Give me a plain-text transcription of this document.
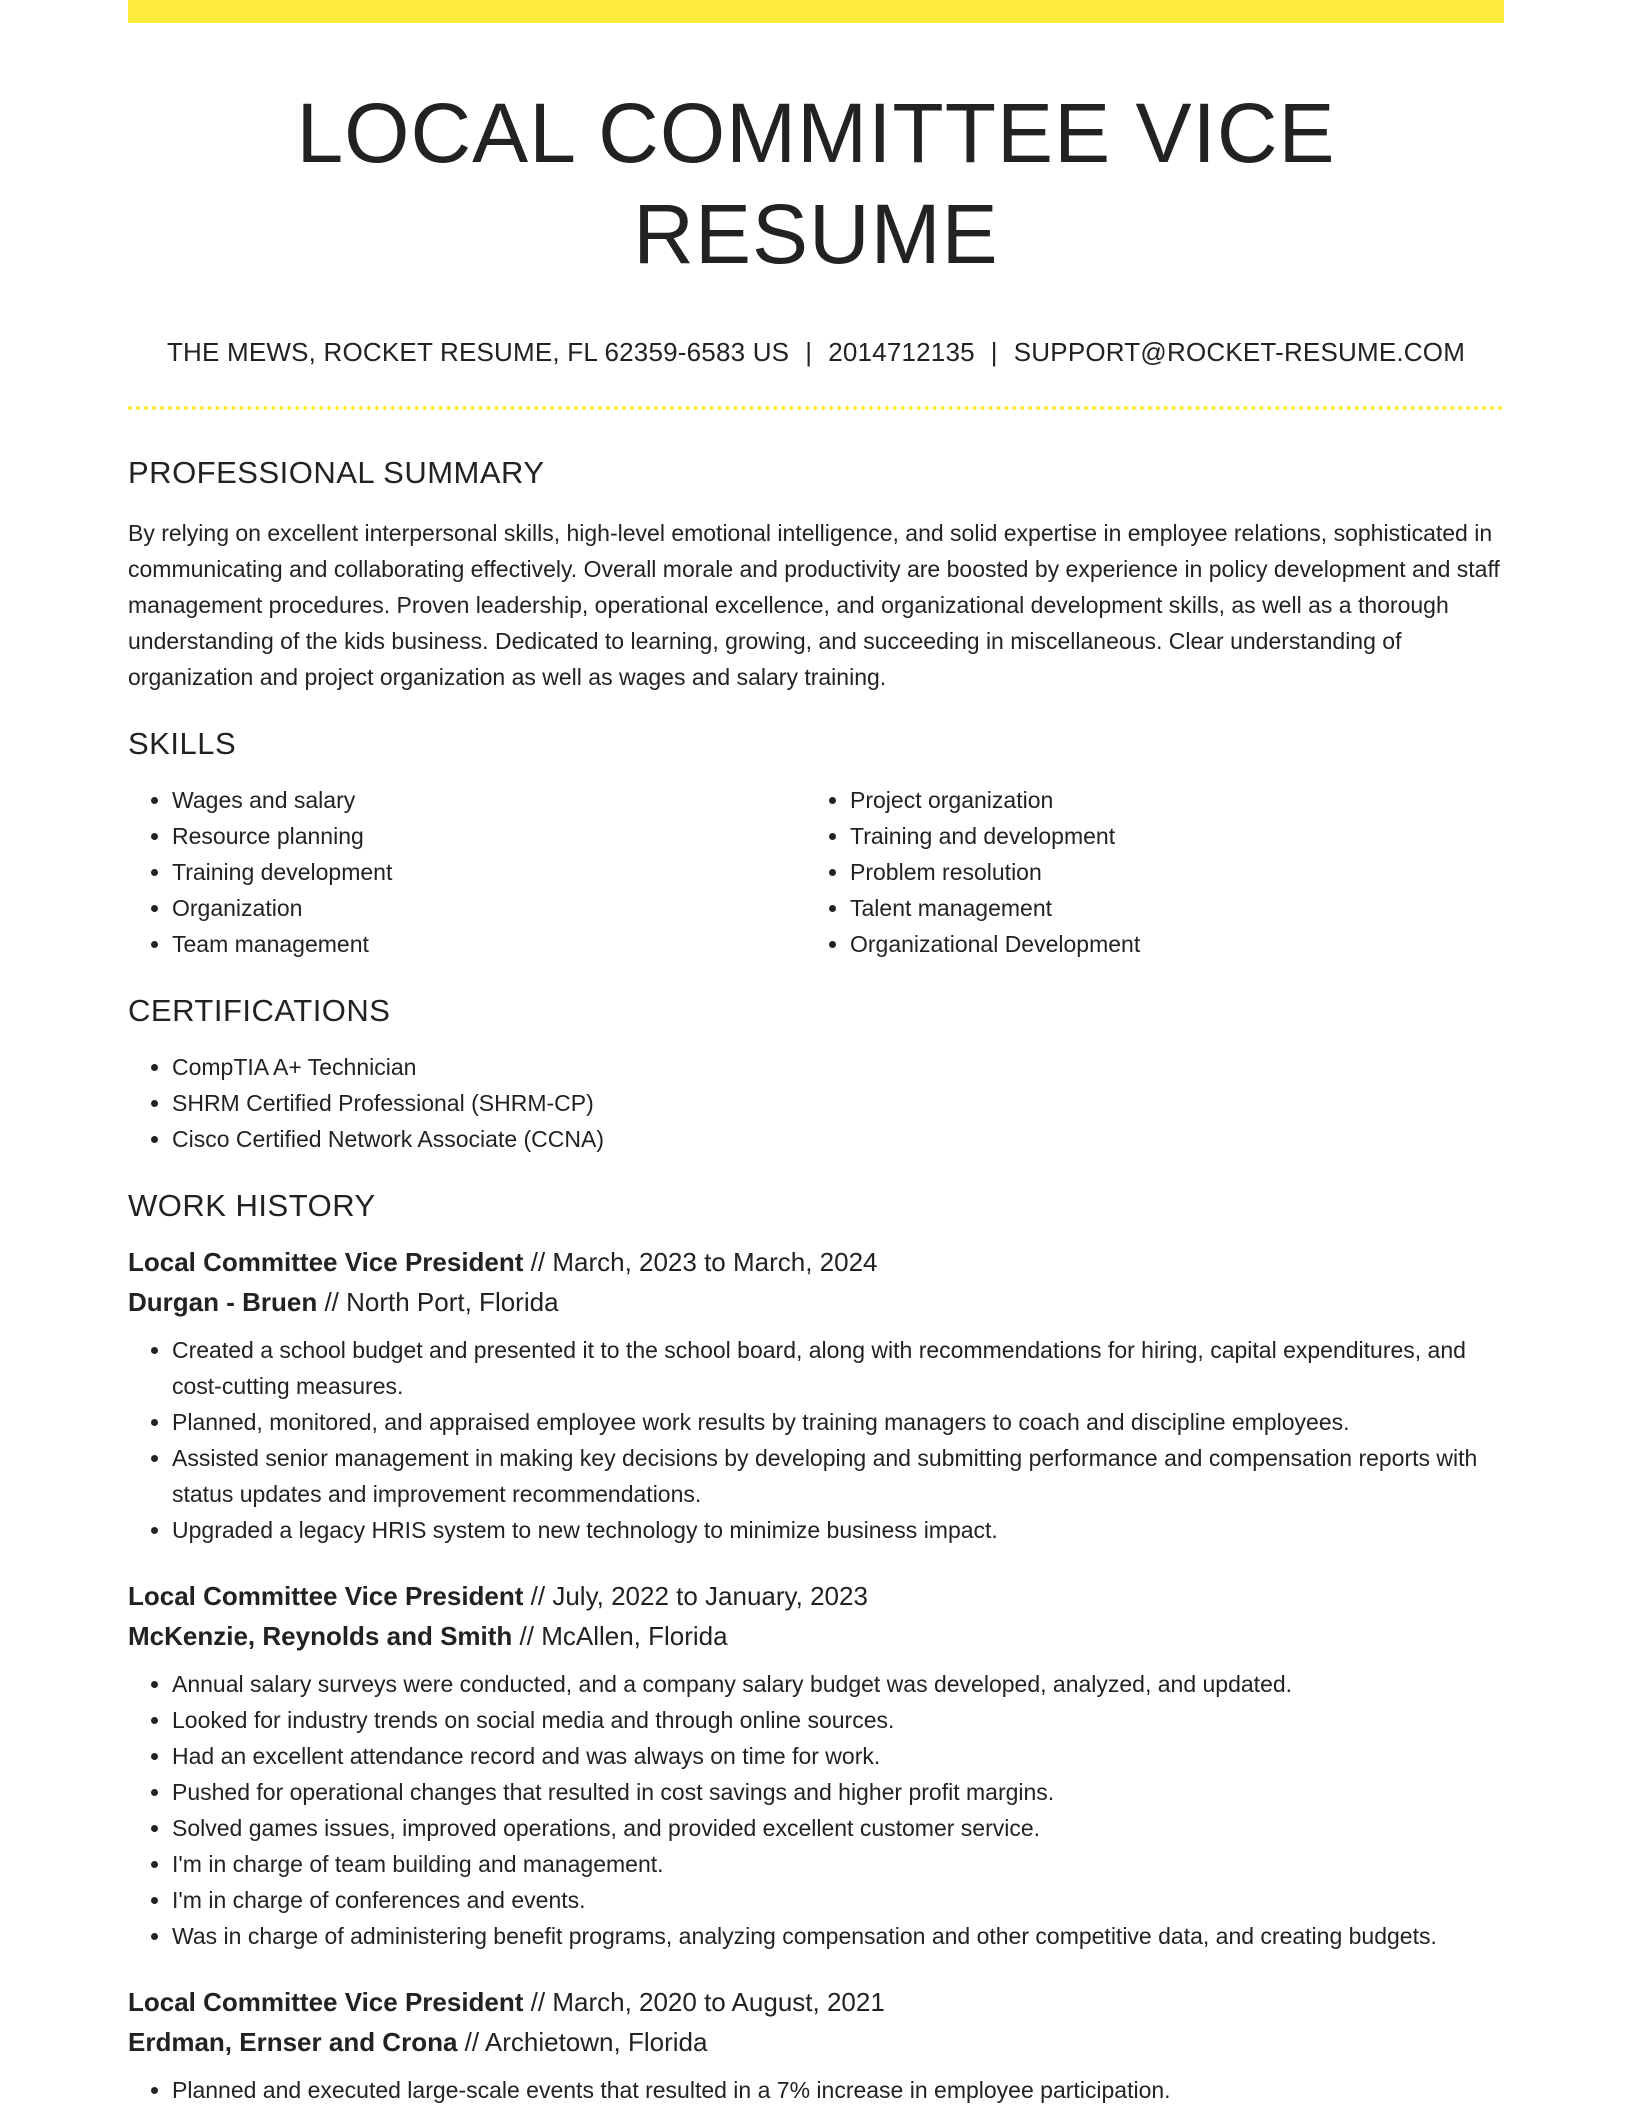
LOCAL COMMITTEE VICE RESUME
THE MEWS, ROCKET RESUME, FL 62359-6583 US | 2014712135 | SUPPORT@ROCKET-RESUME.COM
PROFESSIONAL SUMMARY
By relying on excellent interpersonal skills, high-level emotional intelligence, and solid expertise in employee relations, sophisticated in communicating and collaborating effectively. Overall morale and productivity are boosted by experience in policy development and staff management procedures. Proven leadership, operational excellence, and organizational development skills, as well as a thorough understanding of the kids business. Dedicated to learning, growing, and succeeding in miscellaneous. Clear understanding of organization and project organization as well as wages and salary training.
SKILLS
• Wages and salary
• Resource planning
• Training development
• Organization
• Team management
• Project organization
• Training and development
• Problem resolution
• Talent management
• Organizational Development
CERTIFICATIONS
• CompTIA A+ Technician
• SHRM Certified Professional (SHRM-CP)
• Cisco Certified Network Associate (CCNA)
WORK HISTORY
Local Committee Vice President // March, 2023 to March, 2024
Durgan - Bruen // North Port, Florida
• Created a school budget and presented it to the school board, along with recommendations for hiring, capital expenditures, and cost-cutting measures.
• Planned, monitored, and appraised employee work results by training managers to coach and discipline employees.
• Assisted senior management in making key decisions by developing and submitting performance and compensation reports with status updates and improvement recommendations.
• Upgraded a legacy HRIS system to new technology to minimize business impact.
Local Committee Vice President // July, 2022 to January, 2023
McKenzie, Reynolds and Smith // McAllen, Florida
• Annual salary surveys were conducted, and a company salary budget was developed, analyzed, and updated.
• Looked for industry trends on social media and through online sources.
• Had an excellent attendance record and was always on time for work.
• Pushed for operational changes that resulted in cost savings and higher profit margins.
• Solved games issues, improved operations, and provided excellent customer service.
• I'm in charge of team building and management.
• I'm in charge of conferences and events.
• Was in charge of administering benefit programs, analyzing compensation and other competitive data, and creating budgets.
Local Committee Vice President // March, 2020 to August, 2021
Erdman, Ernser and Crona // Archietown, Florida
• Planned and executed large-scale events that resulted in a 7% increase in employee participation.
